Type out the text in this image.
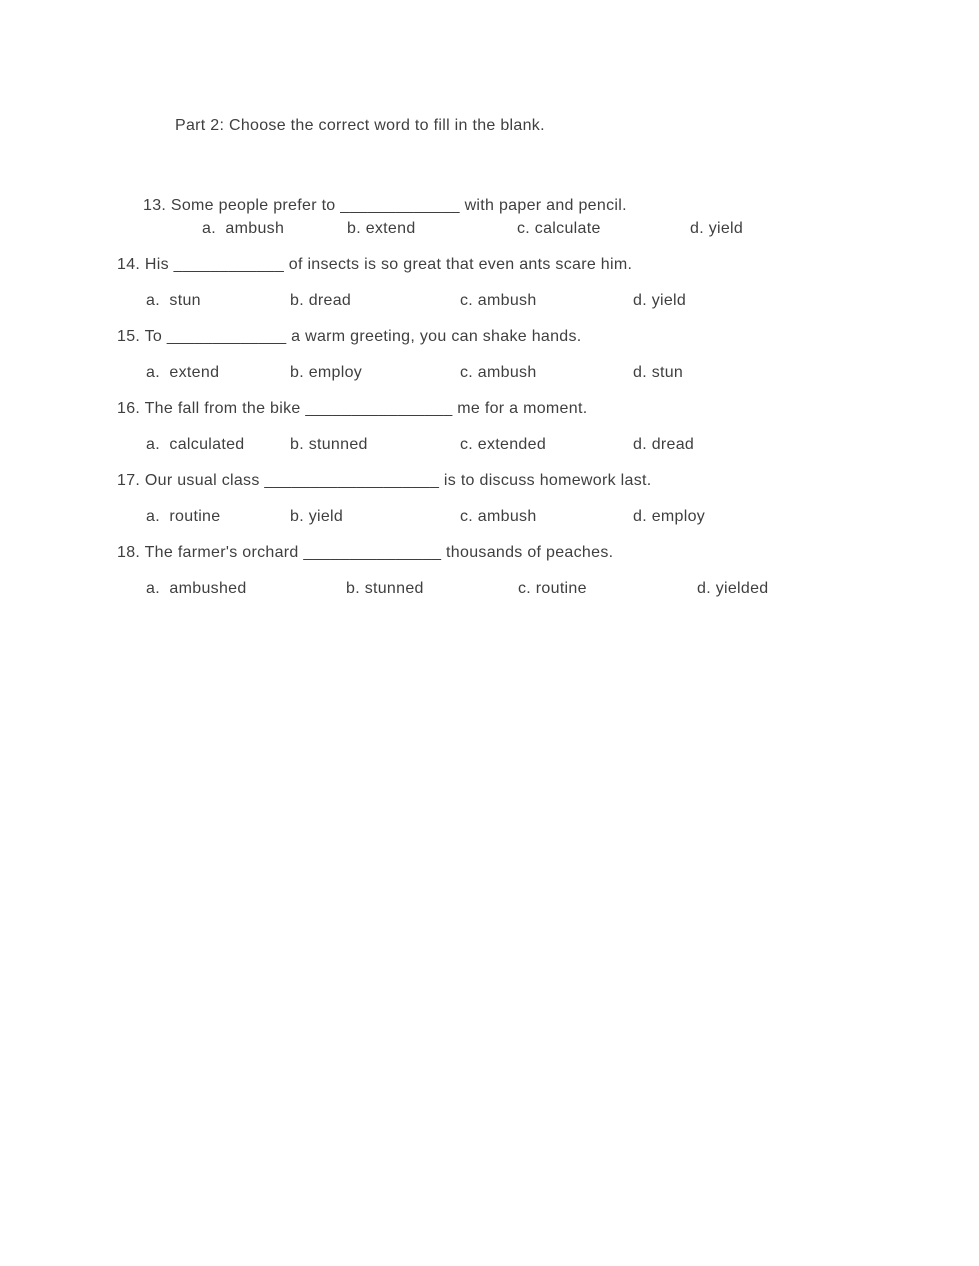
Part 2: Choose the correct word to fill in the blank.
13. Some people prefer to _____________ with paper and pencil.
a.  ambush	b. extend	c. calculate	d. yield
14. His ____________ of insects is so great that even ants scare him.
a.  stun	b. dread	c. ambush	d. yield
15. To _____________ a warm greeting, you can shake hands.
a.  extend	b. employ	c. ambush	d. stun
16. The fall from the bike ________________ me for a moment.
a.  calculated	b. stunned	c. extended	d. dread
17. Our usual class ___________________ is to discuss homework last.
a.  routine	b. yield	c. ambush	d. employ
18. The farmer's orchard _______________ thousands of peaches.
a.  ambushed	b. stunned	c. routine	d. yielded
